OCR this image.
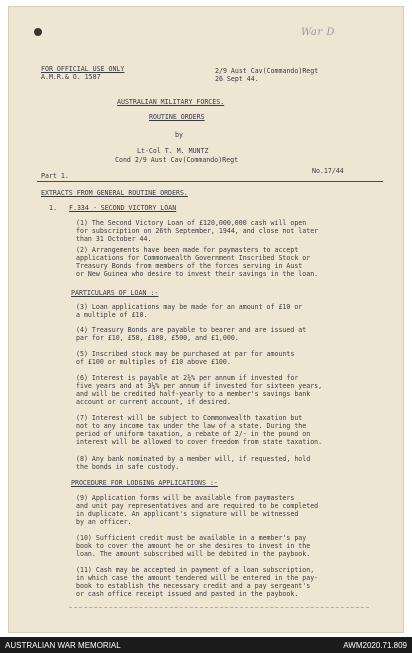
War D
FOR OFFICIAL USE ONLY
A.M.R.& O. 1587
2/9 Aust Cav(Commando)Regt
26 Sept 44.
AUSTRALIAN MILITARY FORCES.
ROUTINE ORDERS
by
Lt-Col T. M. MUNTZ
Cond 2/9 Aust Cav(Commando)Regt
Part 1.
No.17/44
EXTRACTS FROM GENERAL ROUTINE ORDERS.
1. F.334 - SECOND VICTORY LOAN
(1) The Second Victory Loan of £120,000,000 cash will open
for subscription on 26th September, 1944, and close not later
than 31 October 44.
(2) Arrangements have been made for paymasters to accept
applications for Commonwealth Government Inscribed Stock or
Treasury Bonds from members of the forces serving in Aust
or New Guinea who desire to invest their savings in the loan.
PARTICULARS OF LOAN :-
(3) Loan applications may be made for an amount of £10 or
a multiple of £10.
(4) Treasury Bonds are payable to bearer and are issued at
par for £10, £50, £100, £500, and £1,000.
(5) Inscribed stock may be purchased at par for amounts
of £100 or multiples of £10 above £100.
(6) Interest is payable at 2¾% per annum if invested for
five years and at 3¼% per annum if invested for sixteen years,
and will be credited half-yearly to a member's savings bank
account or current account, if desired.
(7) Interest will be subject to Commonwealth taxation but
not to any income tax under the law of a state. During the
period of uniform taxation, a rebate of 2/- in the pound on
interest will be allowed to cover freedom from state taxation.
(8) Any bank nominated by a member will, if requested, hold
the bonds in safe custody.
PROCEDURE FOR LODGING APPLICATIONS :-
(9) Application forms will be available from paymasters
and unit pay representatives and are required to be completed
in duplicate. An applicant's signature will be witnessed
by an officer.
(10) Sufficient credit must be available in a member's pay
book to cover the amount he or she desires to invest in the
loan. The amount subscribed will be debited in the paybook.
(11) Cash may be accepted in payment of a loan subscription,
in which case the amount tendered will be entered in the pay-
book to establish the necessary credit and a pay sergeant's
or cash office receipt issued and pasted in the paybook.
AUSTRALIAN WAR MEMORIAL	AWM2020.71.809
